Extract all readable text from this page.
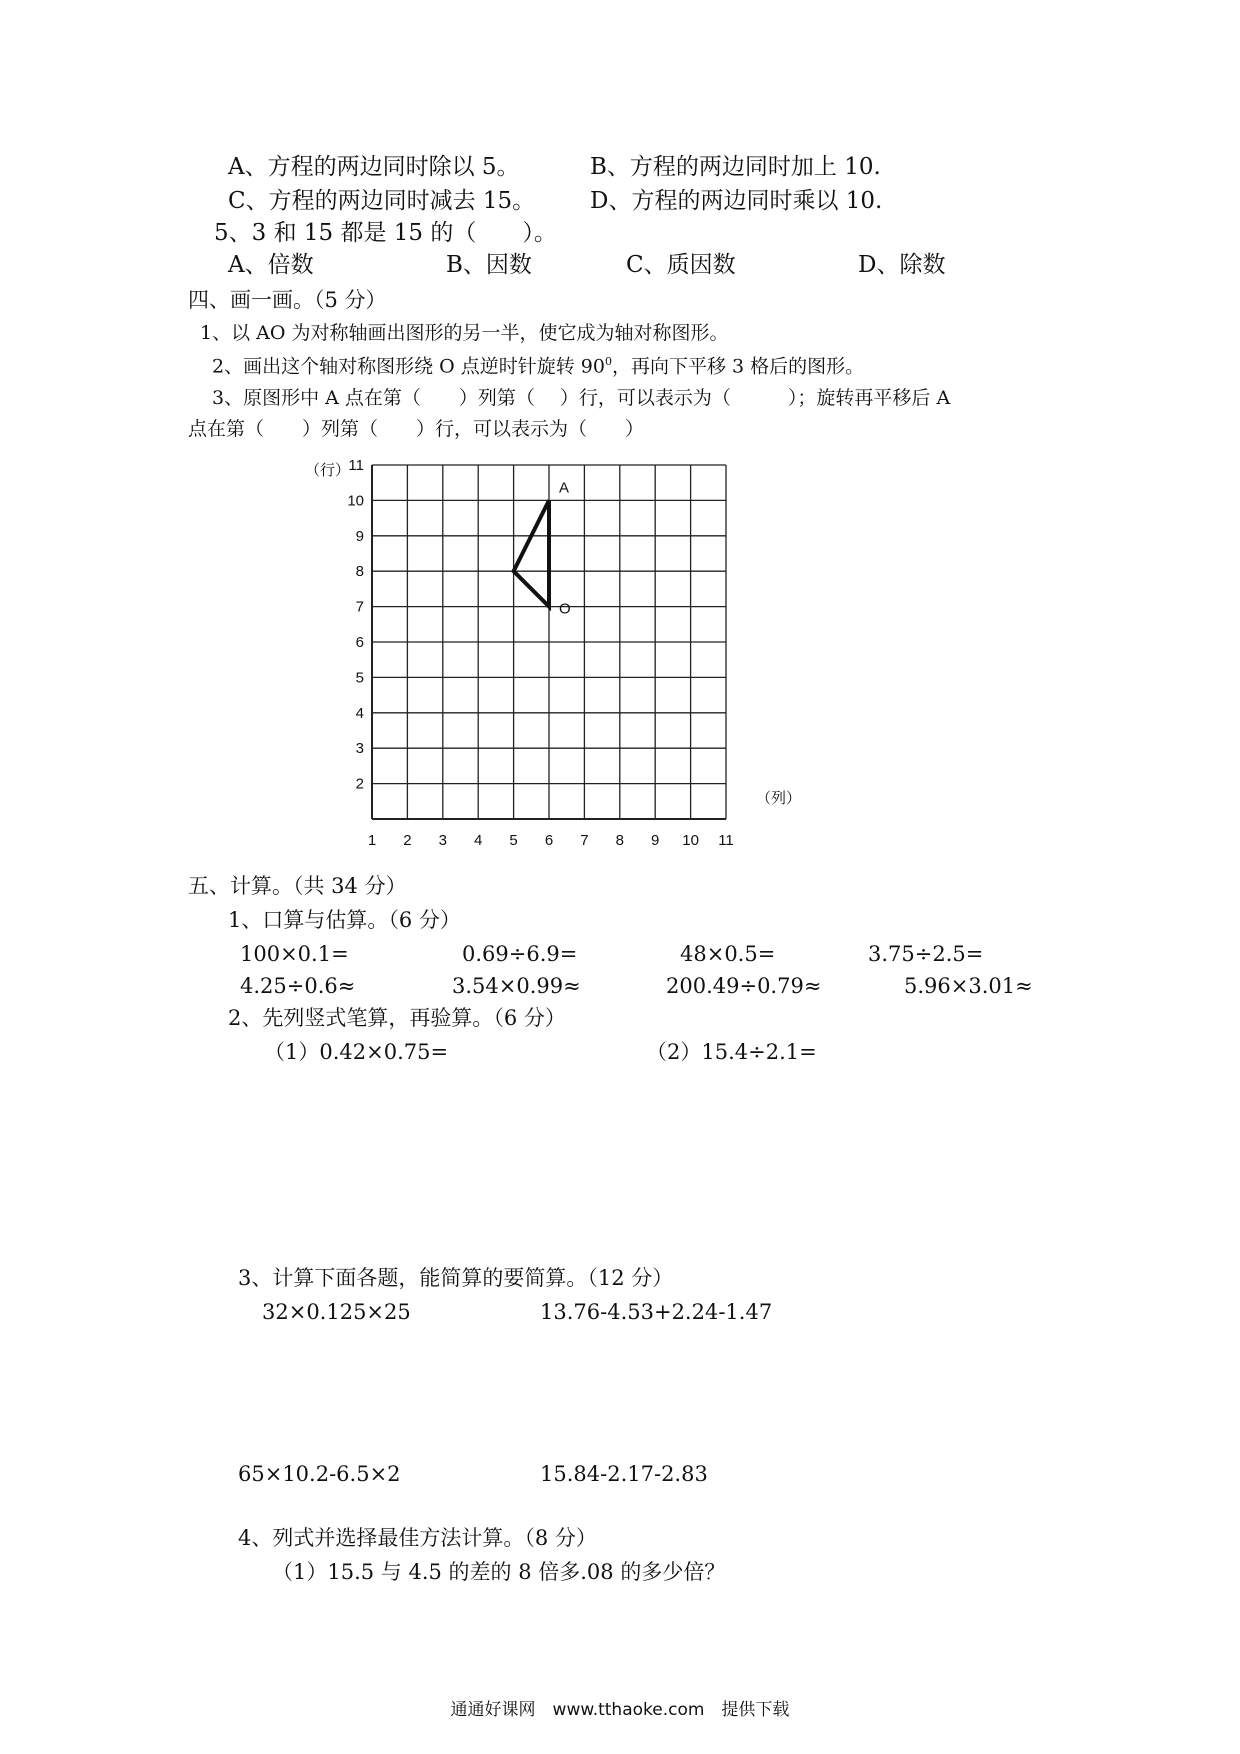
A、方程的两边同时除以 5。	B、方程的两边同时加上 10.
C、方程的两边同时减去 15。 D、方程的两边同时乘以 10.
5、3 和 15 都是 15 的（　　）。
A、倍数	B、因数	C、质因数	D、除数
四、画一画。（5 分）
1、以 AO 为对称轴画出图形的另一半，使它成为轴对称图形。
2、画出这个轴对称图形绕 O 点逆时针旋转 $90^0$，再向下平移 3 格后的图形。
3、原图形中 A 点在第（　　）列第（　 ）行，可以表示为（　　　）；旋转再平移后 A
点在第（　　）列第（　　）行，可以表示为（　　）
11
10
9
8
7
6
5
4
3
2
1 2 3 4 5 6 7 8 9 10 11
（行）
（列）
A
O
五、计算。（共 34 分）
1、口算与估算。（6 分）
100×0.1=	0.69÷6.9=	48×0.5=	3.75÷2.5=
4.25÷0.6≈	3.54×0.99≈	200.49÷0.79≈	5.96×3.01≈
2、先列竖式笔算，再验算。（6 分）
（1）0.42×0.75=	（2）15.4÷2.1=
3、计算下面各题，能简算的要简算。（12 分）
32×0.125×25	13.76-4.53+2.24-1.47
65×10.2-6.5×2	15.84-2.17-2.83
4、列式并选择最佳方法计算。（8 分）
（1）15.5 与 4.5 的差的 8 倍多.08 的多少倍？
通通好课网　www.tthaoke.com　提供下载
